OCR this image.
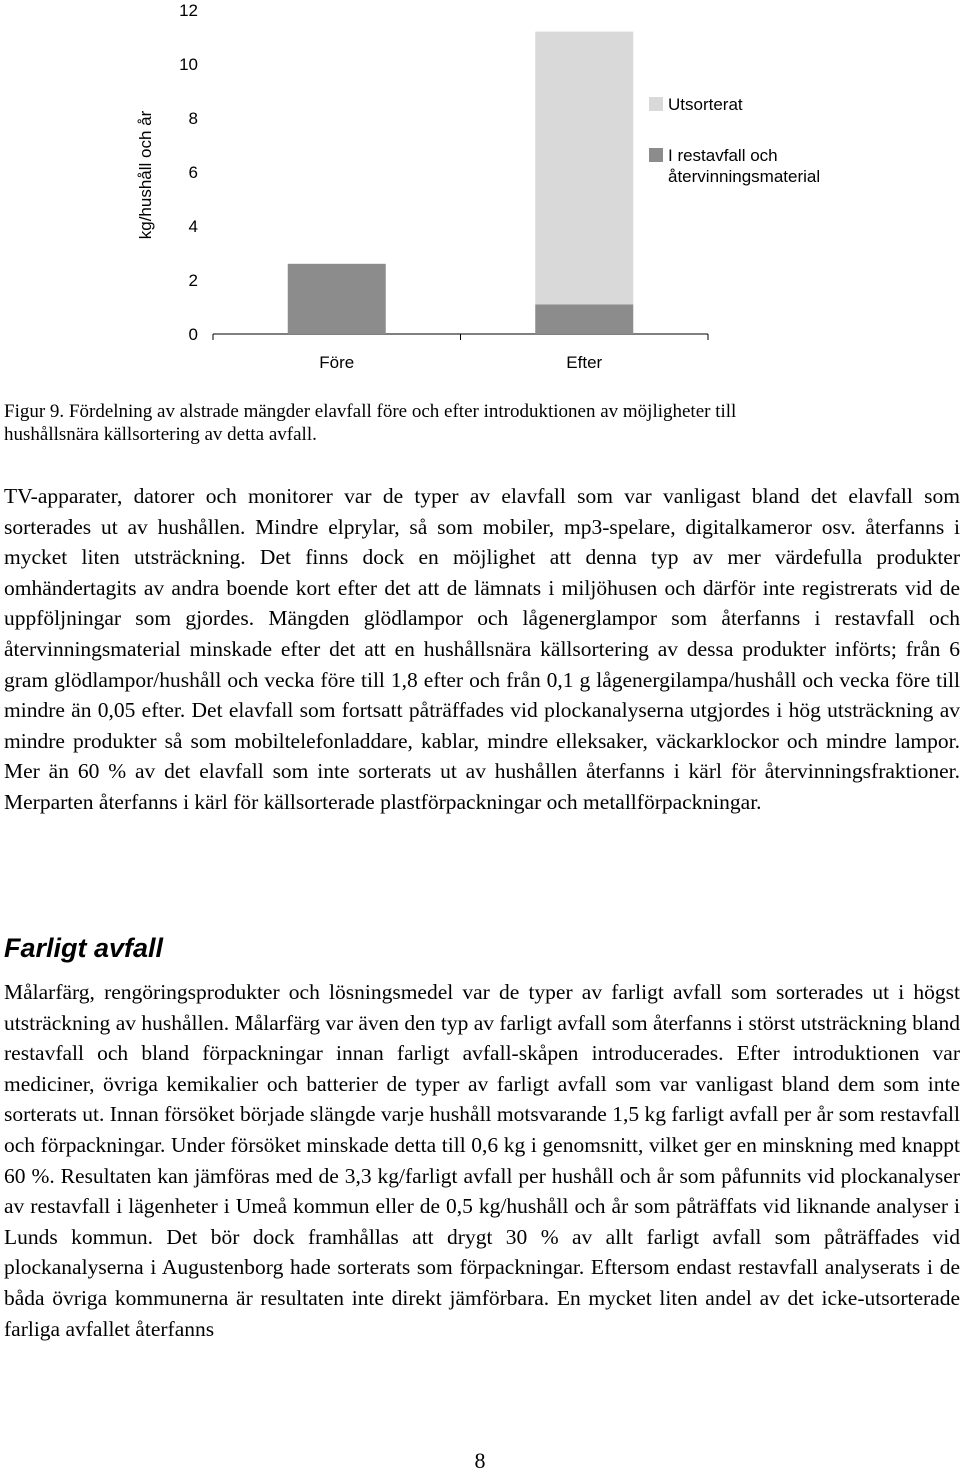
kg/hushåll och år
0
2
4
6
8
10
12
Före	Efter
Utsorterat
I restavfall och
återvinningsmaterial
Figur 9. Fördelning av alstrade mängder elavfall före och efter introduktionen av möjligheter till
hushållsnära källsortering av detta avfall.

TV-apparater, datorer och monitorer var de typer av elavfall som var vanligast bland det elavfall som sorterades ut av hushållen. Mindre elprylar, så som mobiler, mp3-spelare, digitalkameror osv. återfanns i mycket liten utsträckning. Det finns dock en möjlighet att denna typ av mer värdefulla produkter omhändertagits av andra boende kort efter det att de lämnats i miljöhusen och därför inte registrerats vid de uppföljningar som gjordes. Mängden glödlampor och lågenerglampor som återfanns i restavfall och återvinningsmaterial minskade efter det att en hushållsnära källsortering av dessa produkter införts; från 6 gram glödlampor/hushåll och vecka före till 1,8 efter och från 0,1 g lågenergilampa/hushåll och vecka före till mindre än 0,05 efter. Det elavfall som fortsatt påträffades vid plockanalyserna utgjordes i hög utsträckning av mindre produkter så som mobiltelefonladdare, kablar, mindre elleksaker, väckarklockor och mindre lampor. Mer än 60 % av det elavfall som inte sorterats ut av hushållen återfanns i kärl för återvinningsfraktioner. Merparten återfanns i kärl för källsorterade plastförpackningar och metallförpackningar.

Farligt avfall

Målarfärg, rengöringsprodukter och lösningsmedel var de typer av farligt avfall som sorterades ut i högst utsträckning av hushållen. Målarfärg var även den typ av farligt avfall som återfanns i störst utsträckning bland restavfall och bland förpackningar innan farligt avfall-skåpen introducerades. Efter introduktionen var mediciner, övriga kemikalier och batterier de typer av farligt avfall som var vanligast bland dem som inte sorterats ut. Innan försöket började slängde varje hushåll motsvarande 1,5 kg farligt avfall per år som restavfall och förpackningar. Under försöket minskade detta till 0,6 kg i genomsnitt, vilket ger en minskning med knappt 60 %. Resultaten kan jämföras med de 3,3 kg/farligt avfall per hushåll och år som påfunnits vid plockanalyser av restavfall i lägenheter i Umeå kommun eller de 0,5 kg/hushåll och år som påträffats vid liknande analyser i Lunds kommun. Det bör dock framhållas att drygt 30 % av allt farligt avfall som påträffades vid plockanalyserna i Augustenborg hade sorterats som förpackningar. Eftersom endast restavfall analyserats i de båda övriga kommunerna är resultaten inte direkt jämförbara. En mycket liten andel av det icke-utsorterade farliga avfallet återfanns

8
